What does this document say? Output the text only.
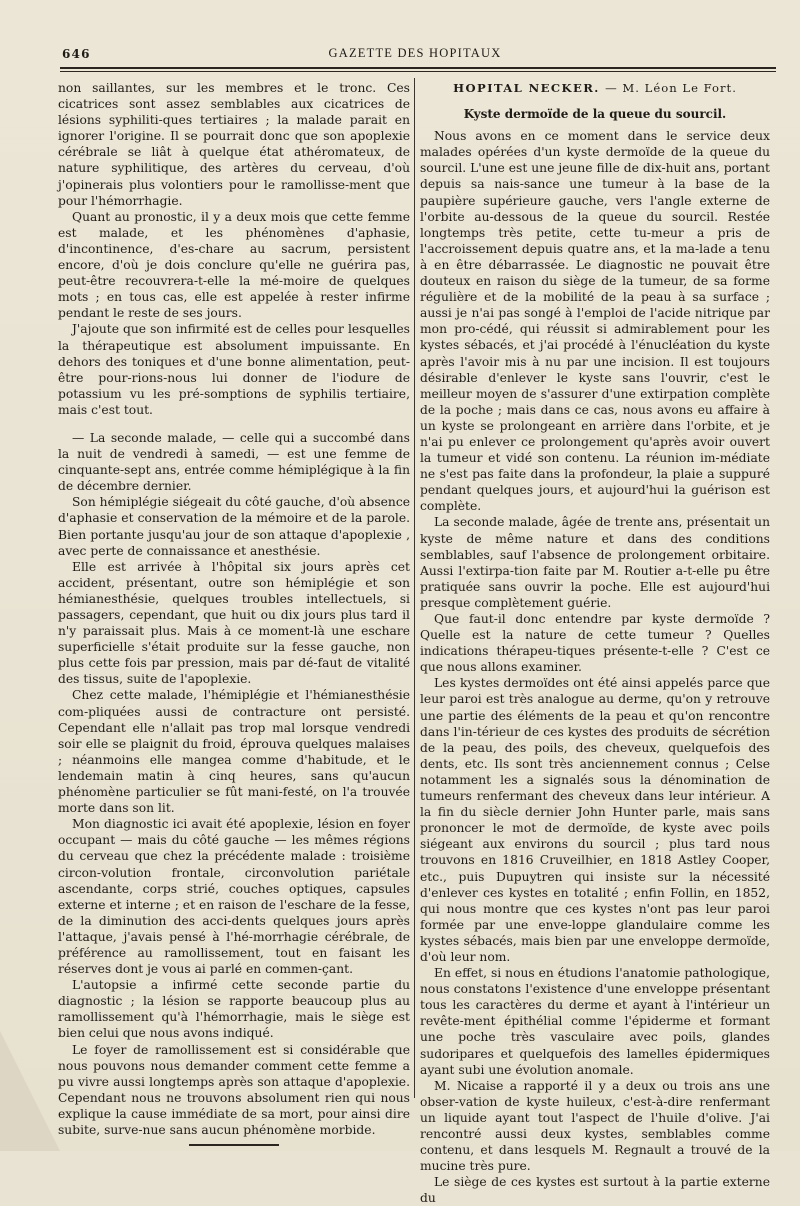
646	GAZETTE DES HOPITAUX

non saillantes, sur les membres et le tronc. Ces cicatrices sont assez semblables aux cicatrices de lésions syphiliti-ques tertiaires ; la malade parait en ignorer l'origine. Il se pourrait donc que son apoplexie cérébrale se liât à quelque état athéromateux, de nature syphilitique, des artères du cerveau, d'où j'opinerais plus volontiers pour le ramollisse-ment que pour l'hémorrhagie.

Quant au pronostic, il y a deux mois que cette femme est malade, et les phénomènes d'aphasie, d'incontinence, d'es-chare au sacrum, persistent encore, d'où je dois conclure qu'elle ne guérira pas, peut-être recouvrera-t-elle la mé-moire de quelques mots ; en tous cas, elle est appelée à rester infirme pendant le reste de ses jours.

J'ajoute que son infirmité est de celles pour lesquelles la thérapeutique est absolument impuissante. En dehors des toniques et d'une bonne alimentation, peut-être pour-rions-nous lui donner de l'iodure de potassium vu les pré-somptions de syphilis tertiaire, mais c'est tout.

— La seconde malade, — celle qui a succombé dans la nuit de vendredi à samedi, — est une femme de cinquante-sept ans, entrée comme hémiplégique à la fin de décembre dernier.

Son hémiplégie siégeait du côté gauche, d'où absence d'aphasie et conservation de la mémoire et de la parole. Bien portante jusqu'au jour de son attaque d'apoplexie , avec perte de connaissance et anesthésie.

Elle est arrivée à l'hôpital six jours après cet accident, présentant, outre son hémiplégie et son hémianesthésie, quelques troubles intellectuels, si passagers, cependant, que huit ou dix jours plus tard il n'y paraissait plus. Mais à ce moment-là une eschare superficielle s'était produite sur la fesse gauche, non plus cette fois par pression, mais par dé-faut de vitalité des tissus, suite de l'apoplexie.

Chez cette malade, l'hémiplégie et l'hémianesthésie com-pliquées aussi de contracture ont persisté. Cependant elle n'allait pas trop mal lorsque vendredi soir elle se plaignit du froid, éprouva quelques malaises ; néanmoins elle mangea comme d'habitude, et le lendemain matin à cinq heures, sans qu'aucun phénomène particulier se fût mani-festé, on l'a trouvée morte dans son lit.

Mon diagnostic ici avait été apoplexie, lésion en foyer occupant — mais du côté gauche — les mêmes régions du cerveau que chez la précédente malade : troisième circon-volution frontale, circonvolution pariétale ascendante, corps strié, couches optiques, capsules externe et interne ; et en raison de l'eschare de la fesse, de la diminution des acci-dents quelques jours après l'attaque, j'avais pensé à l'hé-morrhagie cérébrale, de préférence au ramollissement, tout en faisant les réserves dont je vous ai parlé en commen-çant.

L'autopsie a infirmé cette seconde partie du diagnostic ; la lésion se rapporte beaucoup plus au ramollissement qu'à l'hémorrhagie, mais le siège est bien celui que nous avons indiqué.

Le foyer de ramollissement est si considérable que nous pouvons nous demander comment cette femme a pu vivre aussi longtemps après son attaque d'apoplexie. Cependant nous ne trouvons absolument rien qui nous explique la cause immédiate de sa mort, pour ainsi dire subite, surve-nue sans aucun phénomène morbide.

HOPITAL NECKER. — M. Léon Le Fort.
Kyste dermoïde de la queue du sourcil.

Nous avons en ce moment dans le service deux malades opérées d'un kyste dermoïde de la queue du sourcil. L'une est une jeune fille de dix-huit ans, portant depuis sa nais-sance une tumeur à la base de la paupière supérieure gauche, vers l'angle externe de l'orbite au-dessous de la queue du sourcil. Restée longtemps très petite, cette tu-meur a pris de l'accroissement depuis quatre ans, et la ma-lade a tenu à en être débarrassée. Le diagnostic ne pouvait être douteux en raison du siège de la tumeur, de sa forme régulière et de la mobilité de la peau à sa surface ; aussi je n'ai pas songé à l'emploi de l'acide nitrique par mon pro-cédé, qui réussit si admirablement pour les kystes sébacés, et j'ai procédé à l'énucléation du kyste après l'avoir mis à nu par une incision. Il est toujours désirable d'enlever le kyste sans l'ouvrir, c'est le meilleur moyen de s'assurer d'une extirpation complète de la poche ; mais dans ce cas, nous avons eu affaire à un kyste se prolongeant en arrière dans l'orbite, et je n'ai pu enlever ce prolongement qu'après avoir ouvert la tumeur et vidé son contenu. La réunion im-médiate ne s'est pas faite dans la profondeur, la plaie a suppuré pendant quelques jours, et aujourd'hui la guérison est complète.

La seconde malade, âgée de trente ans, présentait un kyste de même nature et dans des conditions semblables, sauf l'absence de prolongement orbitaire. Aussi l'extirpa-tion faite par M. Routier a-t-elle pu être pratiquée sans ouvrir la poche. Elle est aujourd'hui presque complètement guérie.

Que faut-il donc entendre par kyste dermoïde ? Quelle est la nature de cette tumeur ? Quelles indications thérapeu-tiques présente-t-elle ? C'est ce que nous allons examiner.

Les kystes dermoïdes ont été ainsi appelés parce que leur paroi est très analogue au derme, qu'on y retrouve une partie des éléments de la peau et qu'on rencontre dans l'in-térieur de ces kystes des produits de sécrétion de la peau, des poils, des cheveux, quelquefois des dents, etc. Ils sont très anciennement connus ; Celse notamment les a signalés sous la dénomination de tumeurs renfermant des cheveux dans leur intérieur. A la fin du siècle dernier John Hunter parle, mais sans prononcer le mot de dermoïde, de kyste avec poils siégeant aux environs du sourcil ; plus tard nous trouvons en 1816 Cruveilhier, en 1818 Astley Cooper, etc., puis Dupuytren qui insiste sur la nécessité d'enlever ces kystes en totalité ; enfin Follin, en 1852, qui nous montre que ces kystes n'ont pas leur paroi formée par une enve-loppe glandulaire comme les kystes sébacés, mais bien par une enveloppe dermoïde, d'où leur nom.

En effet, si nous en étudions l'anatomie pathologique, nous constatons l'existence d'une enveloppe présentant tous les caractères du derme et ayant à l'intérieur un revête-ment épithélial comme l'épiderme et formant une poche très vasculaire avec poils, glandes sudoripares et quelquefois des lamelles épidermiques ayant subi une évolution anomale.

M. Nicaise a rapporté il y a deux ou trois ans une obser-vation de kyste huileux, c'est-à-dire renfermant un liquide ayant tout l'aspect de l'huile d'olive. J'ai rencontré aussi deux kystes, semblables comme contenu, et dans lesquels M. Regnault a trouvé de la mucine très pure.

Le siège de ces kystes est surtout à la partie externe du
